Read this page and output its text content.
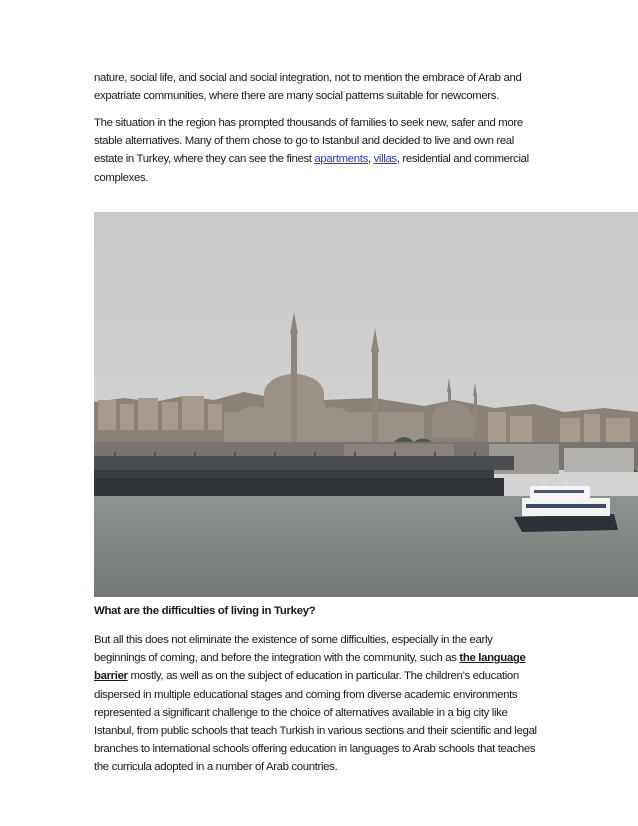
nature, social life, and social and social integration, not to mention the embrace of Arab and
expatriate communities, where there are many social patterns suitable for newcomers.

The situation in the region has prompted thousands of families to seek new, safer and more
stable alternatives. Many of them chose to go to Istanbul and decided to live and own real
estate in Turkey, where they can see the finest apartments, villas, residential and commercial
complexes.

What are the difficulties of living in Turkey?

But all this does not eliminate the existence of some difficulties, especially in the early
beginnings of coming, and before the integration with the community, such as the language
barrier mostly, as well as on the subject of education in particular. The children’s education
dispersed in multiple educational stages and coming from diverse academic environments
represented a significant challenge to the choice of alternatives available in a big city like
Istanbul, from public schools that teach Turkish in various sections and their scientific and legal
branches to international schools offering education in languages to Arab schools that teaches
the curricula adopted in a number of Arab countries.
